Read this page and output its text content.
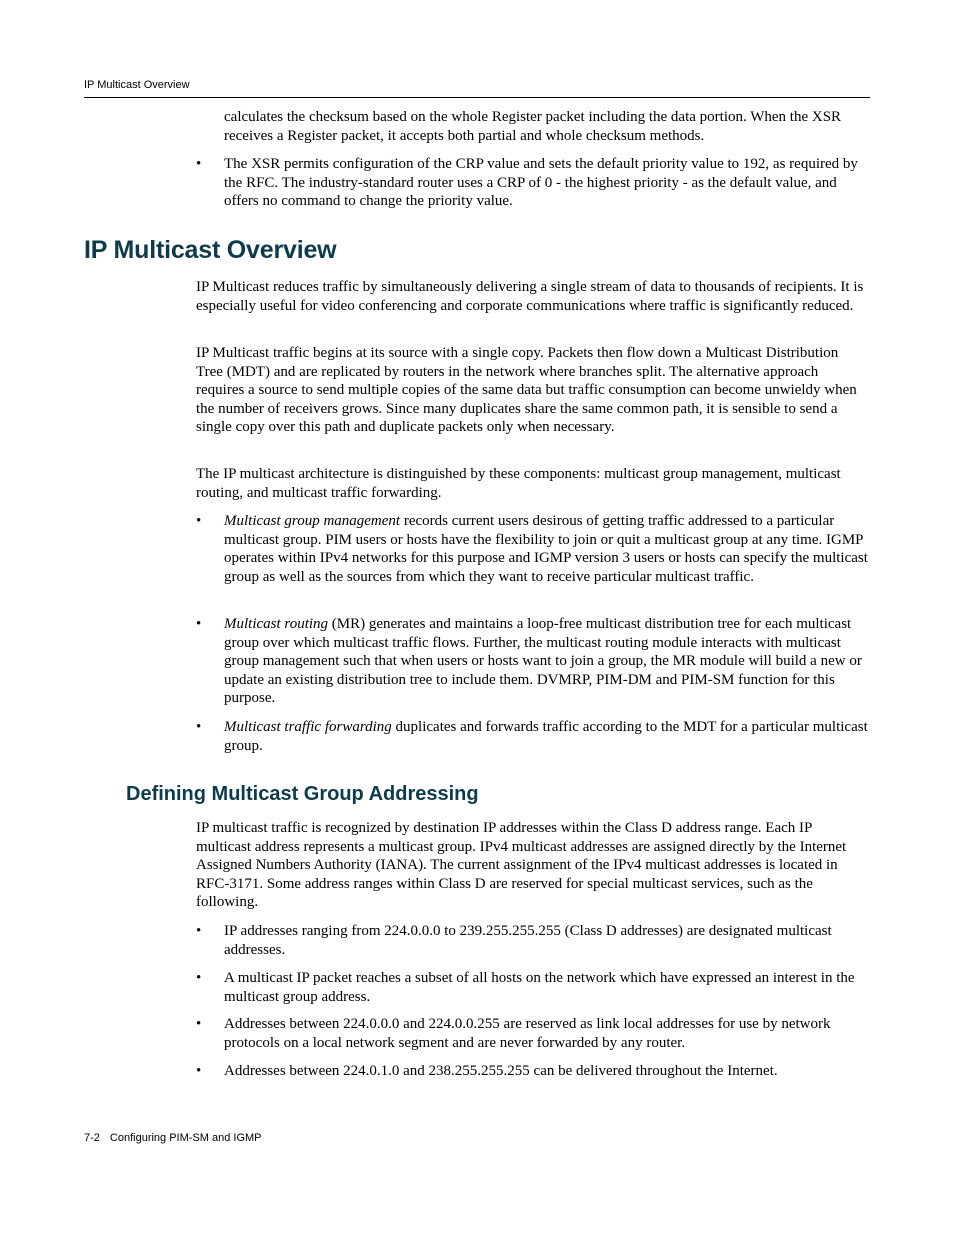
IP Multicast Overview

calculates the checksum based on the whole Register packet including the data portion. When the XSR receives a Register packet, it accepts both partial and whole checksum methods.

• The XSR permits configuration of the CRP value and sets the default priority value to 192, as required by the RFC. The industry-standard router uses a CRP of 0 - the highest priority - as the default value, and offers no command to change the priority value.
IP Multicast Overview

IP Multicast reduces traffic by simultaneously delivering a single stream of data to thousands of recipients. It is especially useful for video conferencing and corporate communications where traffic is significantly reduced.

IP Multicast traffic begins at its source with a single copy. Packets then flow down a Multicast Distribution Tree (MDT) and are replicated by routers in the network where branches split. The alternative approach requires a source to send multiple copies of the same data but traffic consumption can become unwieldy when the number of receivers grows. Since many duplicates share the same common path, it is sensible to send a single copy over this path and duplicate packets only when necessary.

The IP multicast architecture is distinguished by these components: multicast group management, multicast routing, and multicast traffic forwarding.

• Multicast group management records current users desirous of getting traffic addressed to a particular multicast group. PIM users or hosts have the flexibility to join or quit a multicast group at any time. IGMP operates within IPv4 networks for this purpose and IGMP version 3 users or hosts can specify the multicast group as well as the sources from which they want to receive particular multicast traffic.
• Multicast routing (MR) generates and maintains a loop-free multicast distribution tree for each multicast group over which multicast traffic flows. Further, the multicast routing module interacts with multicast group management such that when users or hosts want to join a group, the MR module will build a new or update an existing distribution tree to include them. DVMRP, PIM-DM and PIM-SM function for this purpose.
• Multicast traffic forwarding duplicates and forwards traffic according to the MDT for a particular multicast group.
Defining Multicast Group Addressing

IP multicast traffic is recognized by destination IP addresses within the Class D address range. Each IP multicast address represents a multicast group. IPv4 multicast addresses are assigned directly by the Internet Assigned Numbers Authority (IANA). The current assignment of the IPv4 multicast addresses is located in RFC-3171. Some address ranges within Class D are reserved for special multicast services, such as the following.

• IP addresses ranging from 224.0.0.0 to 239.255.255.255 (Class D addresses) are designated multicast addresses.
• A multicast IP packet reaches a subset of all hosts on the network which have expressed an interest in the multicast group address.
• Addresses between 224.0.0.0 and 224.0.0.255 are reserved as link local addresses for use by network protocols on a local network segment and are never forwarded by any router.
• Addresses between 224.0.1.0 and 238.255.255.255 can be delivered throughout the Internet.
7-2 Configuring PIM-SM and IGMP
